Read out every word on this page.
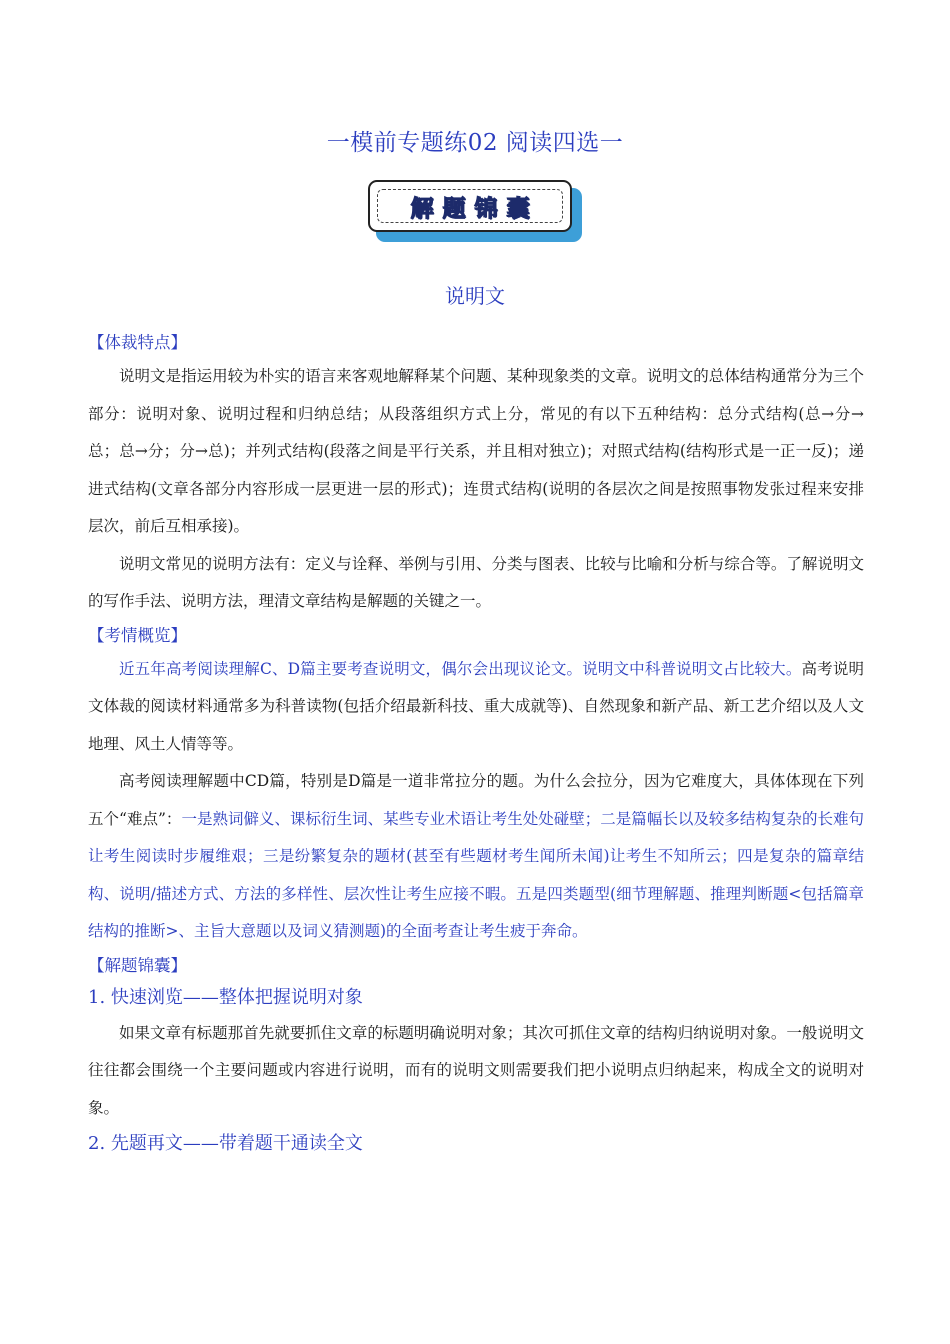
一模前专题练02 阅读四选一
解题锦囊
说明文

【体裁特点】

说明文是指运用较为朴实的语言来客观地解释某个问题、某种现象类的文章。说明文的总体结构通常分为三个部分：说明对象、说明过程和归纳总结；从段落组织方式上分，常见的有以下五种结构：总分式结构(总→分→总；总→分；分→总)；并列式结构(段落之间是平行关系，并且相对独立)；对照式结构(结构形式是一正一反)；递进式结构(文章各部分内容形成一层更进一层的形式)；连贯式结构(说明的各层次之间是按照事物发张过程来安排层次，前后互相承接)。

说明文常见的说明方法有：定义与诠释、举例与引用、分类与图表、比较与比喻和分析与综合等。了解说明文的写作手法、说明方法，理清文章结构是解题的关键之一。

【考情概览】

近五年高考阅读理解C、D篇主要考查说明文，偶尔会出现议论文。说明文中科普说明文占比较大。高考说明文体裁的阅读材料通常多为科普读物(包括介绍最新科技、重大成就等)、自然现象和新产品、新工艺介绍以及人文地理、风土人情等等。

高考阅读理解题中CD篇，特别是D篇是一道非常拉分的题。为什么会拉分，因为它难度大，具体体现在下列五个“难点”：一是熟词僻义、课标衍生词、某些专业术语让考生处处碰壁；二是篇幅长以及较多结构复杂的长难句让考生阅读时步履维艰；三是纷繁复杂的题材(甚至有些题材考生闻所未闻)让考生不知所云；四是复杂的篇章结构、说明/描述方式、方法的多样性、层次性让考生应接不暇。五是四类题型(细节理解题、推理判断题<包括篇章结构的推断>、主旨大意题以及词义猜测题)的全面考查让考生疲于奔命。

【解题锦囊】

1. 快速浏览——整体把握说明对象

如果文章有标题那首先就要抓住文章的标题明确说明对象；其次可抓住文章的结构归纳说明对象。一般说明文往往都会围绕一个主要问题或内容进行说明，而有的说明文则需要我们把小说明点归纳起来，构成全文的说明对象。

2. 先题再文——带着题干通读全文
